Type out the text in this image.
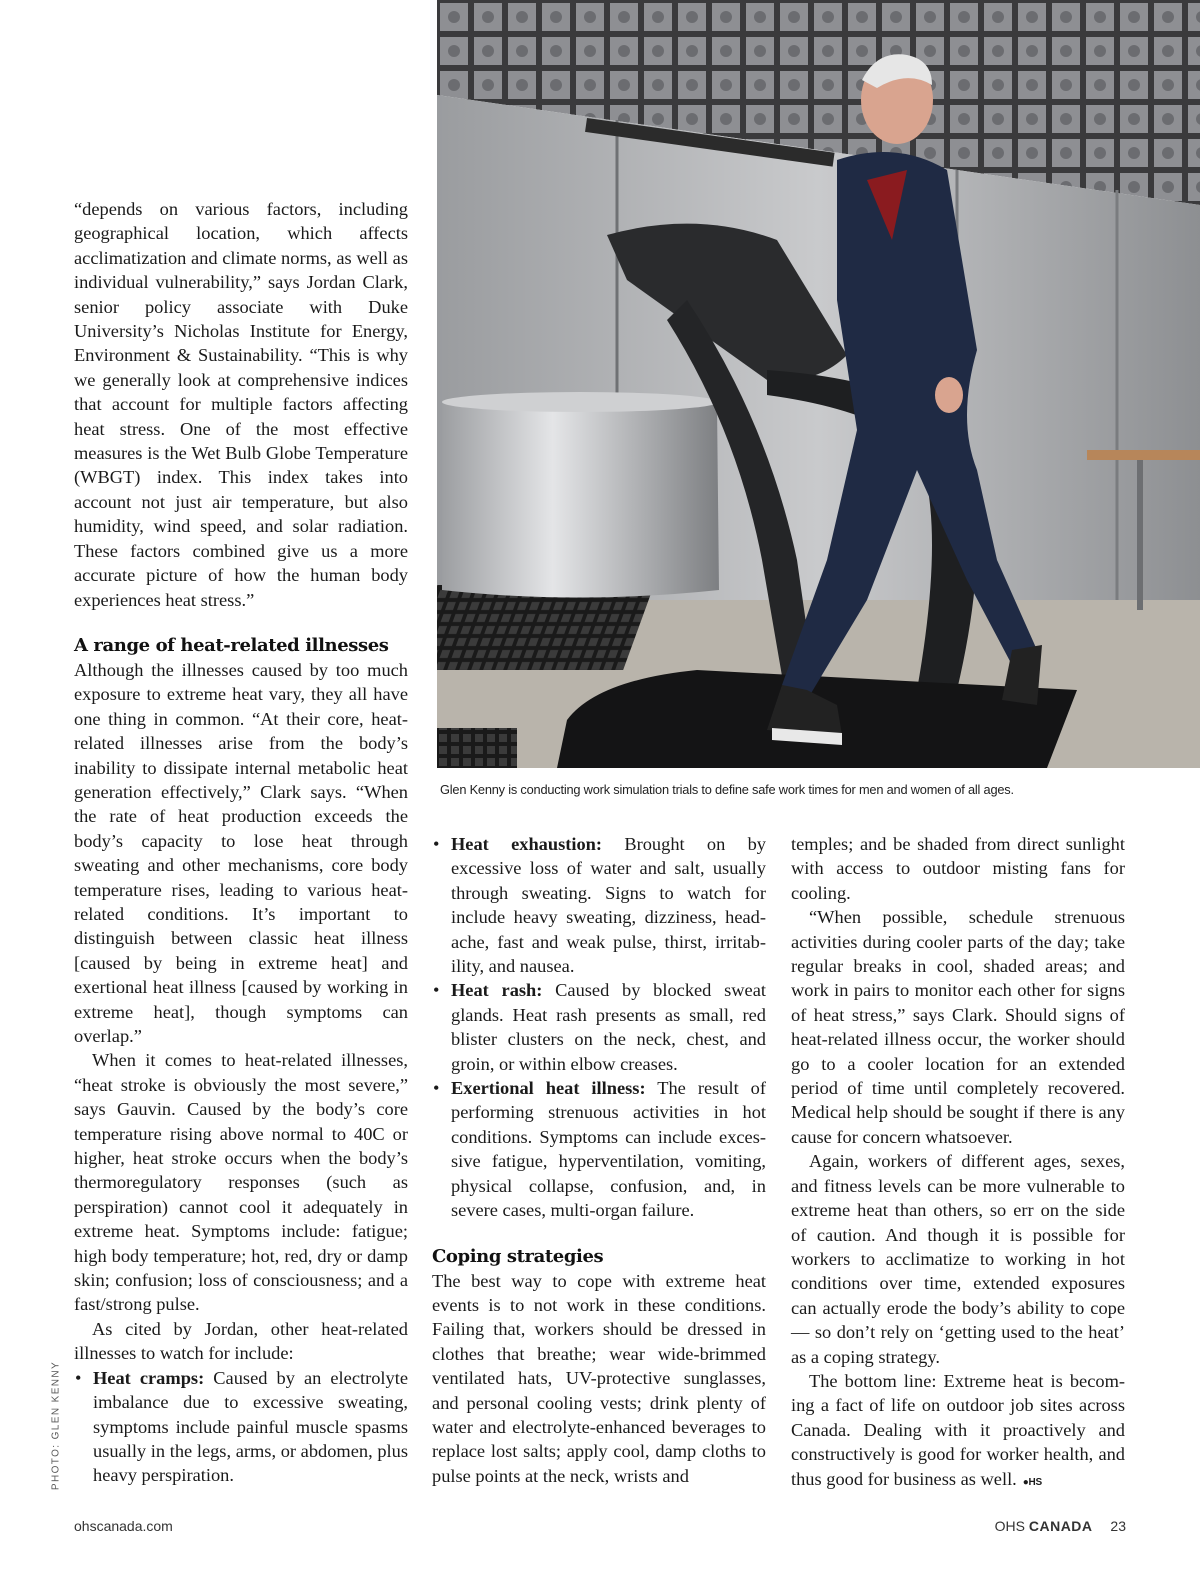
Glen Kenny is conducting work simulation trials to define safe work times for men and women of all ages.
PHOTO: GLEN KENNY

“depends on various factors, including geographical location, which affects acclimatization and climate norms, as well as individual vulnerability,” says Jordan Clark, senior policy associate with Duke University’s Nicholas Institute for Energy, Environment & Sustainability. “This is why we generally look at comprehensive indices that account for multiple factors affecting heat stress. One of the most effective measures is the Wet Bulb Globe Temperature (WBGT) index. This index takes into account not just air temperature, but also humidity, wind speed, and solar radiation. These factors combined give us a more accurate picture of how the human body experiences heat stress.”

A range of heat-related illnesses

Although the illnesses caused by too much exposure to extreme heat vary, they all have one thing in common. “At their core, heat-related illnesses arise from the body’s inability to dissipate internal metabolic heat generation effectively,” Clark says. “When the rate of heat production exceeds the body’s capacity to lose heat through sweating and other mechanisms, core body temperature rises, leading to various heat-related conditions. It’s important to distinguish between classic heat illness [caused by being in extreme heat] and exertional heat illness [caused by working in extreme heat], though symptoms can overlap.”

When it comes to heat-related illnesses, “heat stroke is obviously the most severe,” says Gauvin. Caused by the body’s core temperature rising above normal to 40C or higher, heat stroke occurs when the body’s thermoregulatory responses (such as perspiration) cannot cool it adequately in extreme heat. Symptoms include: fatigue; high body temperature; hot, red, dry or damp skin; confusion; loss of consciousness; and a fast/strong pulse.

As cited by Jordan, other heat-related illnesses to watch for include:

• Heat cramps: Caused by an electrolyte imbalance due to excessive sweating, symptoms include painful muscle spasms usually in the legs, arms, or abdomen, plus heavy perspiration.
• Heat exhaustion: Brought on by excessive loss of water and salt, usually through sweating. Signs to watch for include heavy sweating, dizziness, headache, fast and weak pulse, thirst, irritability, and nausea.
• Heat rash: Caused by blocked sweat glands. Heat rash presents as small, red blister clusters on the neck, chest, and groin, or within elbow creases.
• Exertional heat illness: The result of performing strenuous activities in hot conditions. Symptoms can include excessive fatigue, hyperventilation, vomiting, physical collapse, confusion, and, in severe cases, multi-organ failure.
Coping strategies

The best way to cope with extreme heat events is to not work in these conditions. Failing that, workers should be dressed in clothes that breathe; wear wide-brimmed ventilated hats, UV-protective sunglasses, and personal cooling vests; drink plenty of water and electrolyte-enhanced beverages to replace lost salts; apply cool, damp cloths to pulse points at the neck, wrists and

temples; and be shaded from direct sunlight with access to outdoor misting fans for cooling.

“When possible, schedule strenuous activities during cooler parts of the day; take regular breaks in cool, shaded areas; and work in pairs to monitor each other for signs of heat stress,” says Clark. Should signs of heat-related illness occur, the worker should go to a cooler location for an extended period of time until completely recovered. Medical help should be sought if there is any cause for concern whatsoever.

Again, workers of different ages, sexes, and fitness levels can be more vulnerable to extreme heat than others, so err on the side of caution. And though it is possible for workers to acclimatize to working in hot conditions over time, extended exposures can actually erode the body’s ability to cope — so don’t rely on ‘getting used to the heat’ as a coping strategy.

The bottom line: Extreme heat is becoming a fact of life on outdoor job sites across Canada. Dealing with it proactively and constructively is good for worker health, and thus good for business as well. ●HS

ohscanada.com	OHS CANADA 23
